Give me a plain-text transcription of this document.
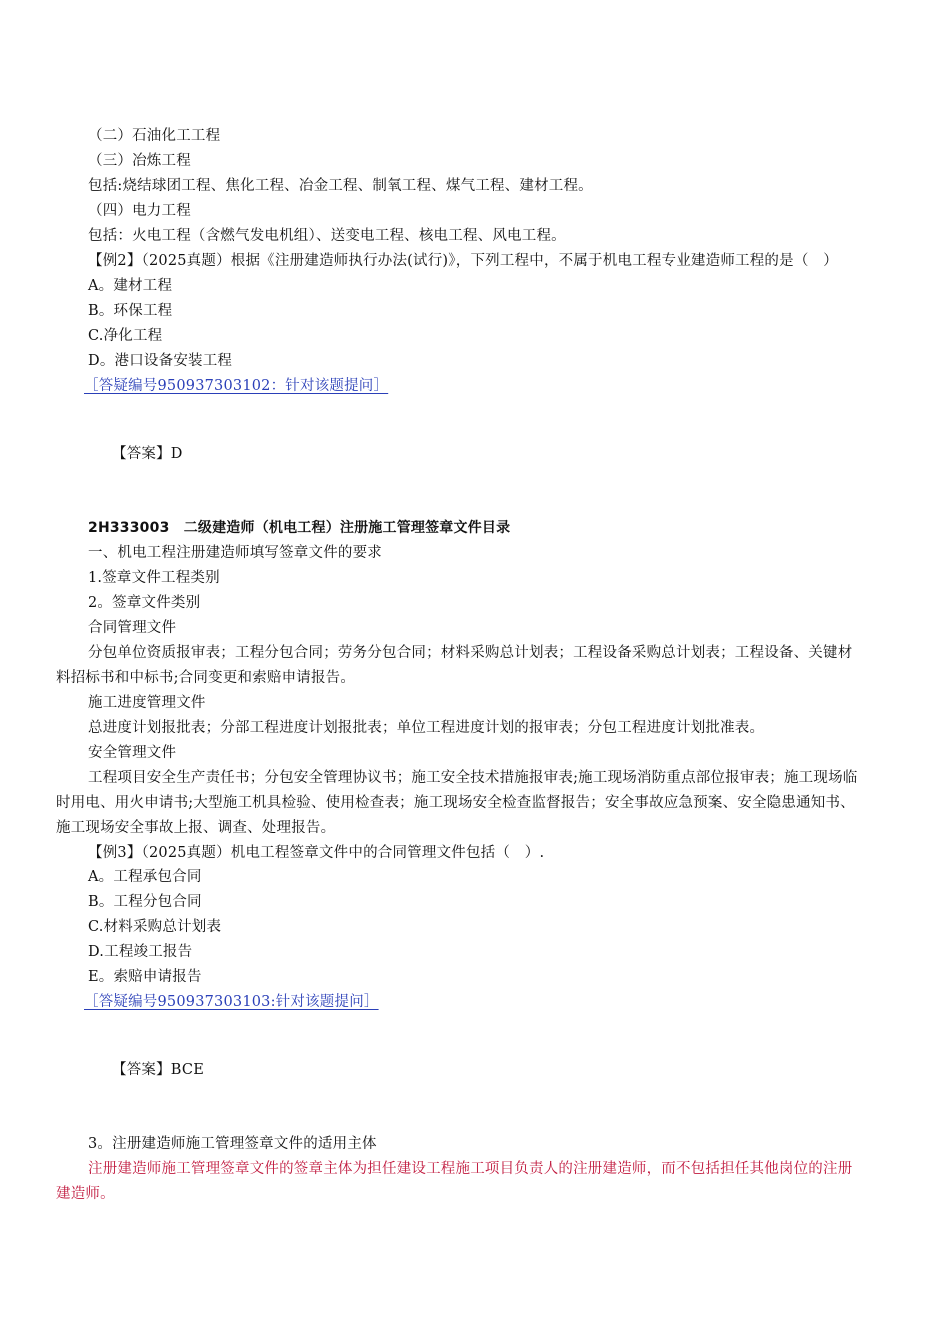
（二）石油化工工程
（三）冶炼工程
包括:烧结球团工程、焦化工程、冶金工程、制氧工程、煤气工程、建材工程。
（四）电力工程
包括：火电工程（含燃气发电机组）、送变电工程、核电工程、风电工程。
【例2】（2025真题）根据《注册建造师执行办法(试行)》，下列工程中，不属于机电工程专业建造师工程的是（　）
A。建材工程
B。环保工程
C.净化工程
D。港口设备安装工程
［答疑编号950937303102：针对该题提问］
【答案】D
2H333003　二级建造师（机电工程）注册施工管理签章文件目录
一、机电工程注册建造师填写签章文件的要求
1.签章文件工程类别
2。签章文件类别
合同管理文件
分包单位资质报审表；工程分包合同；劳务分包合同；材料采购总计划表；工程设备采购总计划表；工程设备、关键材
料招标书和中标书;合同变更和索赔申请报告。
施工进度管理文件
总进度计划报批表；分部工程进度计划报批表；单位工程进度计划的报审表；分包工程进度计划批准表。
安全管理文件
工程项目安全生产责任书；分包安全管理协议书；施工安全技术措施报审表;施工现场消防重点部位报审表；施工现场临
时用电、用火申请书;大型施工机具检验、使用检查表；施工现场安全检查监督报告；安全事故应急预案、安全隐患通知书、
施工现场安全事故上报、调查、处理报告。
【例3】（2025真题）机电工程签章文件中的合同管理文件包括（　）.
A。工程承包合同
B。工程分包合同
C.材料采购总计划表
D.工程竣工报告
E。索赔申请报告
［答疑编号950937303103:针对该题提问］
【答案】BCE
3。注册建造师施工管理签章文件的适用主体
注册建造师施工管理签章文件的签章主体为担任建设工程施工项目负责人的注册建造师，而不包括担任其他岗位的注册
建造师。
